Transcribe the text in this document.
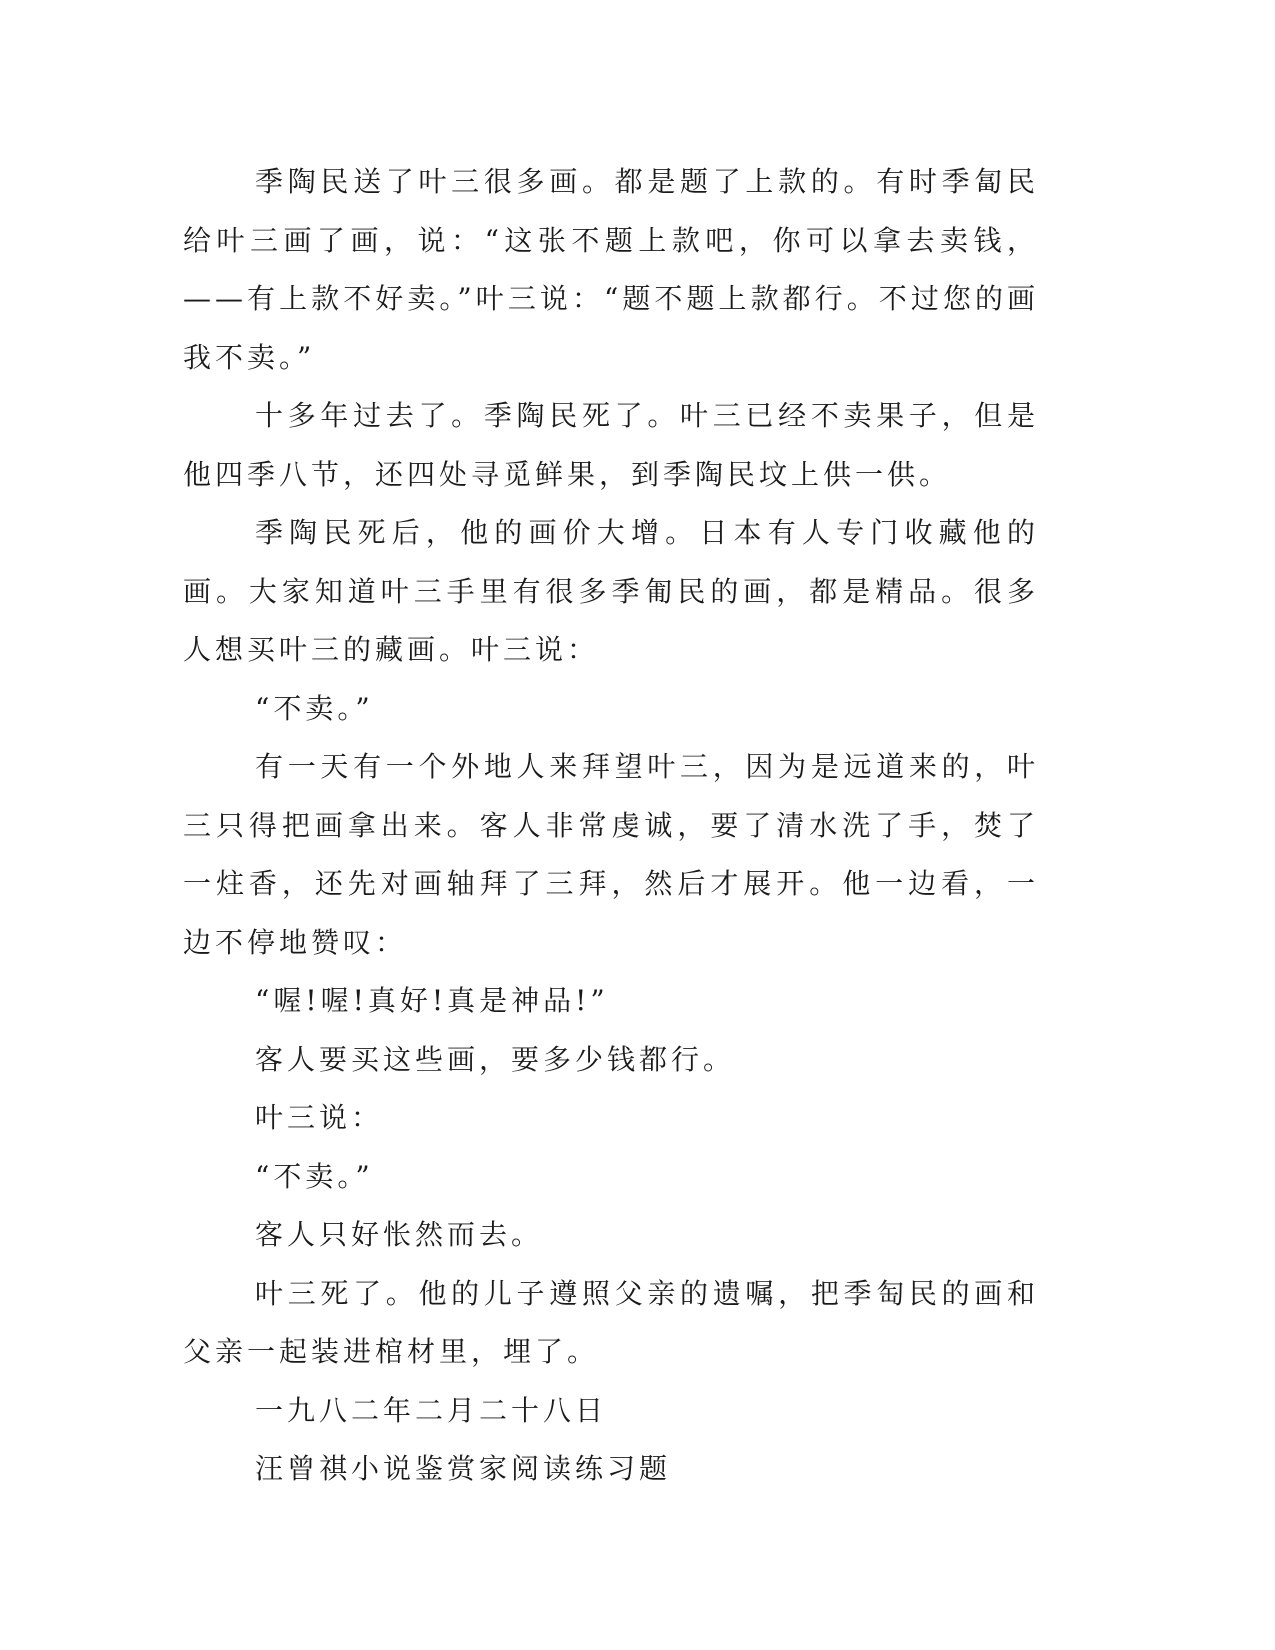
季陶民送了叶三很多画。都是题了上款的。有时季匐民给叶三画了画，说：“这张不题上款吧，你可以拿去卖钱，——有上款不好卖。”叶三说：“题不题上款都行。不过您的画我不卖。”

十多年过去了。季陶民死了。叶三已经不卖果子，但是他四季八节，还四处寻觅鲜果，到季陶民坟上供一供。

季陶民死后，他的画价大增。日本有人专门收藏他的画。大家知道叶三手里有很多季匍民的画，都是精品。很多人想买叶三的藏画。叶三说：

“不卖。”

有一天有一个外地人来拜望叶三，因为是远道来的，叶三只得把画拿出来。客人非常虔诚，要了清水洗了手，焚了一炷香，还先对画轴拜了三拜，然后才展开。他一边看，一边不停地赞叹：

“喔!喔!真好!真是神品!”

客人要买这些画，要多少钱都行。

叶三说：

“不卖。”

客人只好怅然而去。

叶三死了。他的儿子遵照父亲的遗嘱，把季匋民的画和父亲一起装进棺材里，埋了。

一九八二年二月二十八日

汪曾祺小说鉴赏家阅读练习题
